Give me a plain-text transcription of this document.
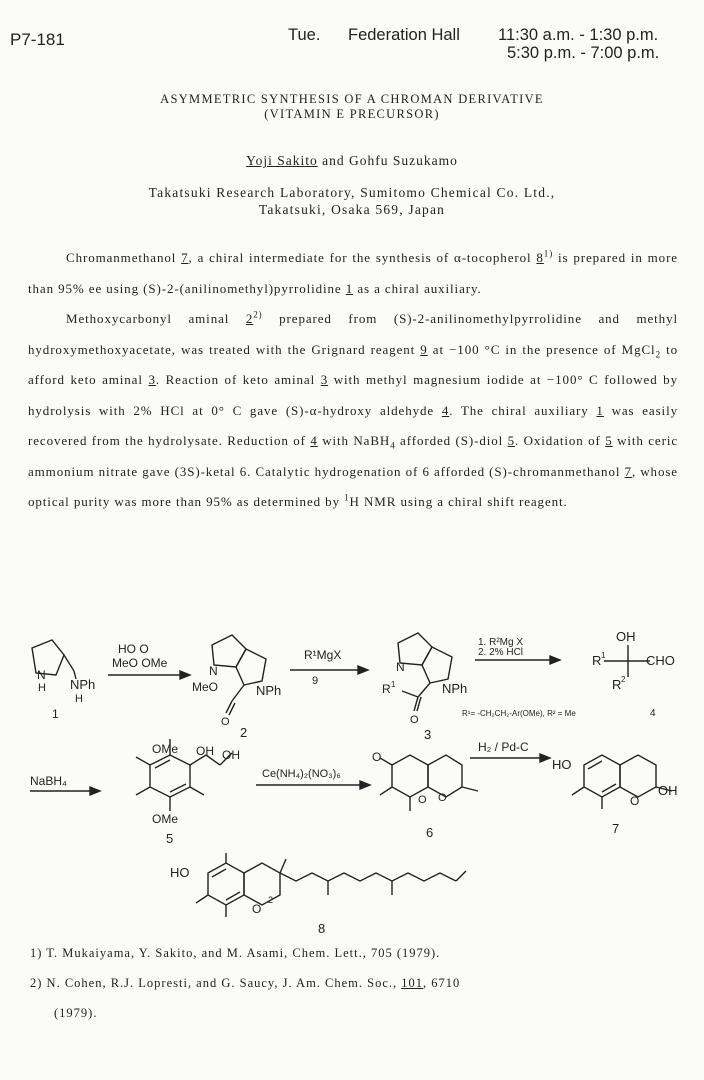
P7-181	Tue. Federation Hall 11:30 a.m. - 1:30 p.m.
5:30 p.m. - 7:00 p.m.
ASYMMETRIC SYNTHESIS OF A CHROMAN DERIVATIVE
(VITAMIN E PRECURSOR)
Yoji Sakito and Gohfu Suzukamo
Takatsuki Research Laboratory, Sumitomo Chemical Co. Ltd.,
Takatsuki, Osaka 569, Japan

Chromanmethanol 7, a chiral intermediate for the synthesis of α-tocopherol 8$^{1)}$ is prepared in more than 95% ee using (S)-2-(anilinomethyl)pyrrolidine 1 as a chiral auxiliary.

Methoxycarbonyl aminal 2$^{2)}$ prepared from (S)-2-anilinomethylpyrrolidine and methyl hydroxymethoxyacetate, was treated with the Grignard reagent 9 at −100 °C in the presence of MgCl$_2$ to afford keto aminal 3. Reaction of keto aminal 3 with methyl magnesium iodide at −100° C followed by hydrolysis with 2% HCl at 0° C gave (S)-α-hydroxy aldehyde 4. The chiral auxiliary 1 was easily recovered from the hydrolysate. Reduction of 4 with NaBH$_4$ afforded (S)-diol 5. Oxidation of 5 with ceric ammonium nitrate gave (3S)-ketal 6. Catalytic hydrogenation of 6 afforded (S)-chromanmethanol 7, whose optical purity was more than 95% as determined by $^1$H NMR using a chiral shift reagent.

N
H NPh
H
1
HO O
MeO OMe
N
NPh
MeO
O
2
R¹MgX
9
N
NPh
R 1
O
3
1. R²Mg X
2. 2% HCl
OH
R 1	CHO
R 2
R¹= -CH₂CH₂-Ar(OMe), R² = Me	4
NaBH₄
OMe
OMe
OH OH
5
Ce(NH₄)₂(NO₃)₆
O
O
O
6
H₂ / Pd-C
HO
O
OH
7
HO
O
2
8
1) T. Mukaiyama, Y. Sakito, and M. Asami, Chem. Lett., 705 (1979).
2) N. Cohen, R.J. Lopresti, and G. Saucy, J. Am. Chem. Soc., 101, 6710
(1979).
